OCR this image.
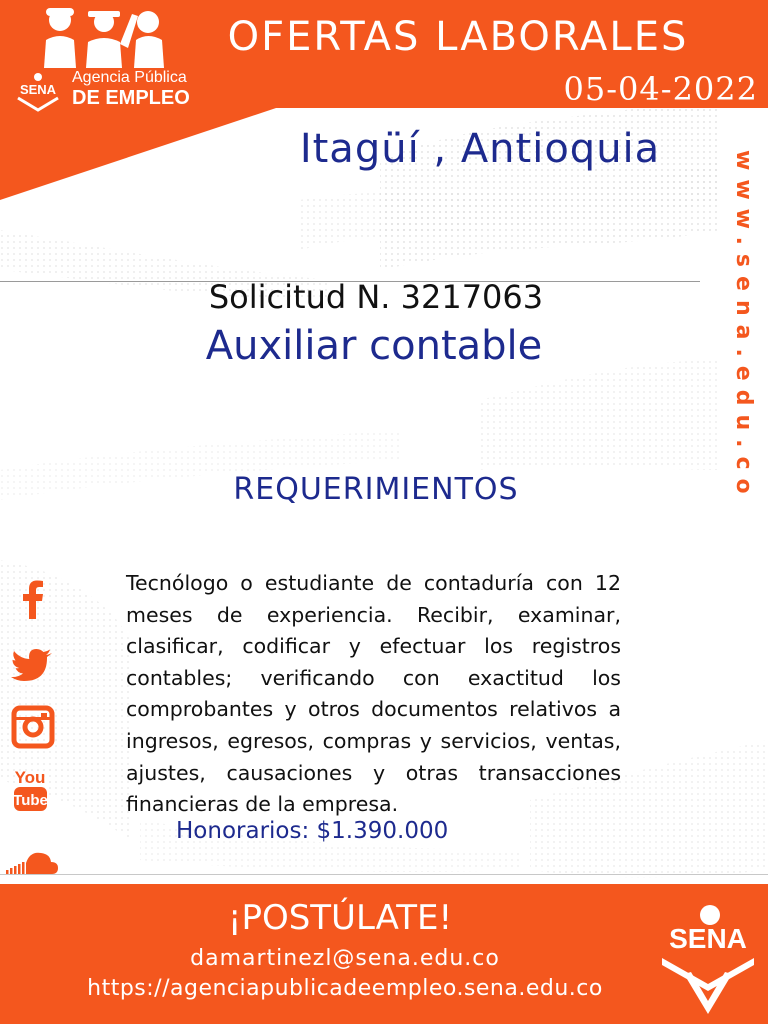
SENA
Agencia Pública
DE EMPLEO
OFERTAS LABORALES
05-04-2022
Itagüí , Antioquia
www.sena.edu.co
Solicitud N. 3217063
Auxiliar contable
REQUERIMIENTOS
Tecnólogo o estudiante de contaduría con 12 meses de experiencia. Recibir, examinar, clasificar, codificar y efectuar los registros contables; verificando con exactitud los comprobantes y otros documentos relativos a ingresos, egresos, compras y servicios, ventas, ajustes, causaciones y otras transacciones financieras de la empresa.
Honorarios: $1.390.000
You
Tube
¡POSTÚLATE!
damartinezl@sena.edu.co
https://agenciapublicadeempleo.sena.edu.co
SENA
